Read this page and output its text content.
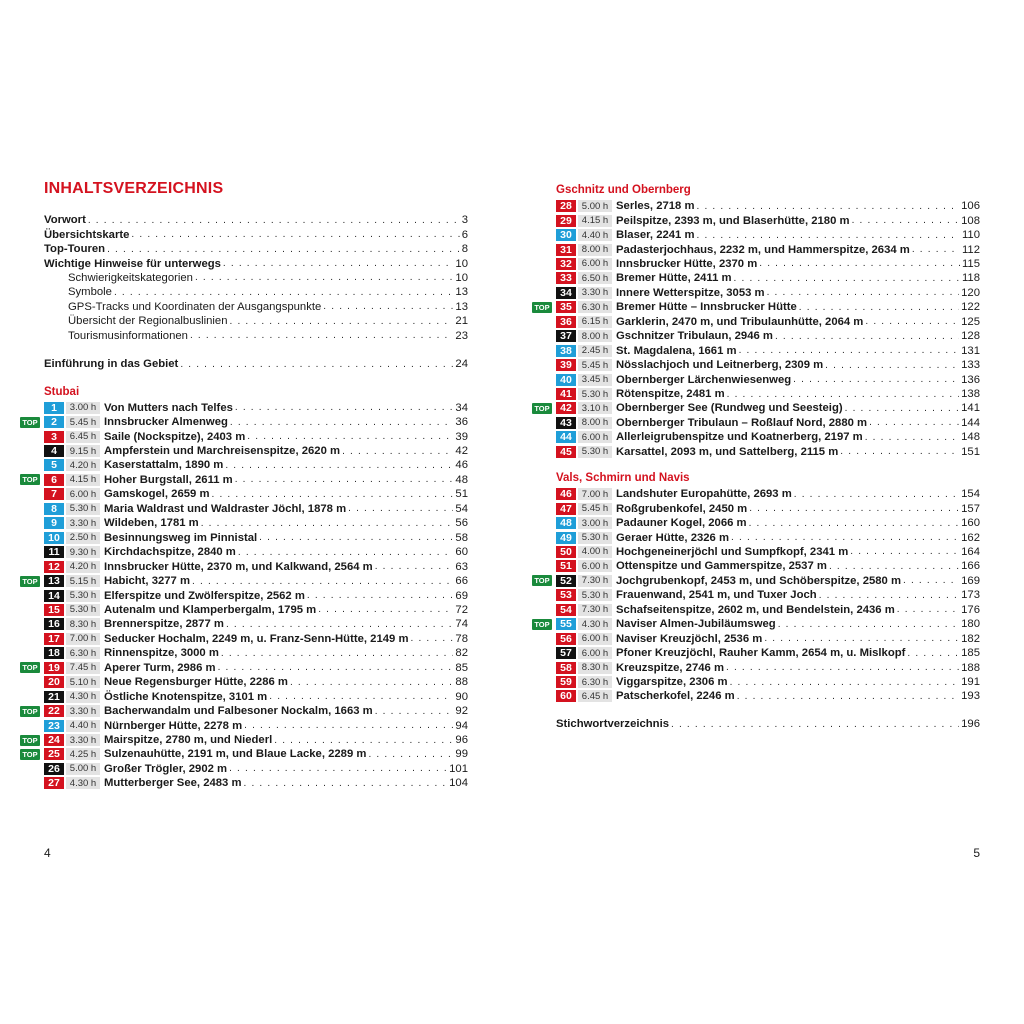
INHALTSVERZEICHNIS
Vorwort . . .	3
Übersichtskarte . . .	6
Top-Touren . . .	8
Wichtige Hinweise für unterwegs . . .	10
Schwierigkeitskategorien . . .	10
Symbole . . .	13
GPS-Tracks und Koordinaten der Ausgangspunkte . . .	13
Übersicht der Regionalbuslinien . . .	21
Tourismusinformationen . . .	23
Einführung in das Gebiet . . .	24
Stubai
1	3.00 h Von Mutters nach Telfes . . .	34
TOP	2	5.45 h Innsbrucker Almenweg . . .	36
3	6.45 h Saile (Nockspitze), 2403 m . . .	39
4	9.15 h Ampferstein und Marchreisenspitze, 2620 m . . .	42
5	4.20 h Kaserstattalm, 1890 m . . .	46
TOP	6	4.15 h Hoher Burgstall, 2611 m . . .	48
7	6.00 h Gamskogel, 2659 m . . .	51
8	5.30 h Maria Waldrast und Waldraster Jöchl, 1878 m . . .	54
9	3.30 h Wildeben, 1781 m . . .	56
10	2.50 h Besinnungsweg im Pinnistal . . .	58
11	9.30 h Kirchdachspitze, 2840 m . . .	60
12	4.20 h Innsbrucker Hütte, 2370 m, und Kalkwand, 2564 m . . .	63
TOP	13	5.15 h Habicht, 3277 m . . .	66
14	5.30 h Elferspitze und Zwölferspitze, 2562 m . . .	69
15	5.30 h Autenalm und Klamperbergalm, 1795 m . . .	72
16	8.30 h Brennerspitze, 2877 m . . .	74
17	7.00 h Seducker Hochalm, 2249 m, u. Franz-Senn-Hütte, 2149 m . . .	78
18	6.30 h Rinnenspitze, 3000 m . . .	82
TOP	19	7.45 h Aperer Turm, 2986 m . . .	85
20	5.10 h Neue Regensburger Hütte, 2286 m . . .	88
21	4.30 h Östliche Knotenspitze, 3101 m . . .	90
TOP	22	3.30 h Bacherwandalm und Falbesoner Nockalm, 1663 m . . .	92
23	4.40 h Nürnberger Hütte, 2278 m . . .	94
TOP	24	3.30 h Mairspitze, 2780 m, und Niederl . . .	96
TOP	25	4.25 h Sulzenauhütte, 2191 m, und Blaue Lacke, 2289 m . . .	99
26	5.00 h Großer Trögler, 2902 m . . .	101
27	4.30 h Mutterberger See, 2483 m . . .	104
4
Gschnitz und Obernberg
28	5.00 h Serles, 2718 m . . .	106
29	4.15 h Peilspitze, 2393 m, und Blaserhütte, 2180 m . . .	108
30	4.40 h Blaser, 2241 m . . .	110
31	8.00 h Padasterjochhaus, 2232 m, und Hammerspitze, 2634 m . . .	112
32	6.00 h Innsbrucker Hütte, 2370 m . . .	115
33	6.50 h Bremer Hütte, 2411 m . . .	118
34	3.30 h Innere Wetterspitze, 3053 m . . .	120
TOP	35	6.30 h Bremer Hütte – Innsbrucker Hütte . . .	122
36	6.15 h Garklerin, 2470 m, und Tribulaunhütte, 2064 m . . .	125
37	8.00 h Gschnitzer Tribulaun, 2946 m . . .	128
38	2.45 h St. Magdalena, 1661 m . . .	131
39	5.45 h Nösslachjoch und Leitnerberg, 2309 m . . .	133
40	3.45 h Obernberger Lärchenwiesenweg . . .	136
41	5.30 h Rötenspitze, 2481 m . . .	138
TOP	42	3.10 h Obernberger See (Rundweg und Seesteig) . . .	141
43	8.00 h Obernberger Tribulaun – Roßlauf Nord, 2880 m . . .	144
44	6.00 h Allerleigrubenspitze und Koatnerberg, 2197 m . . .	148
45	5.30 h Karsattel, 2093 m, und Sattelberg, 2115 m . . .	151
Vals, Schmirn und Navis
46	7.00 h Landshuter Europahütte, 2693 m . . .	154
47	5.45 h Roßgrubenkofel, 2450 m . . .	157
48	3.00 h Padauner Kogel, 2066 m . . .	160
49	5.30 h Geraer Hütte, 2326 m . . .	162
50	4.00 h Hochgeneinerjöchl und Sumpfkopf, 2341 m . . .	164
51	6.00 h Ottenspitze und Gammerspitze, 2537 m . . .	166
TOP	52	7.30 h Jochgrubenkopf, 2453 m, und Schöberspitze, 2580 m . . .	169
53	5.30 h Frauenwand, 2541 m, und Tuxer Joch . . .	173
54	7.30 h Schafseitenspitze, 2602 m, und Bendelstein, 2436 m . . .	176
TOP	55	4.30 h Naviser Almen-Jubiläumsweg . . .	180
56	6.00 h Naviser Kreuzjöchl, 2536 m . . .	182
57	6.00 h Pfoner Kreuzjöchl, Rauher Kamm, 2654 m, u. Mislkopf . . .	185
58	8.30 h Kreuzspitze, 2746 m . . .	188
59	6.30 h Viggarspitze, 2306 m . . .	191
60	6.45 h Patscherkofel, 2246 m . . .	193
Stichwortverzeichnis . . .	196
5
